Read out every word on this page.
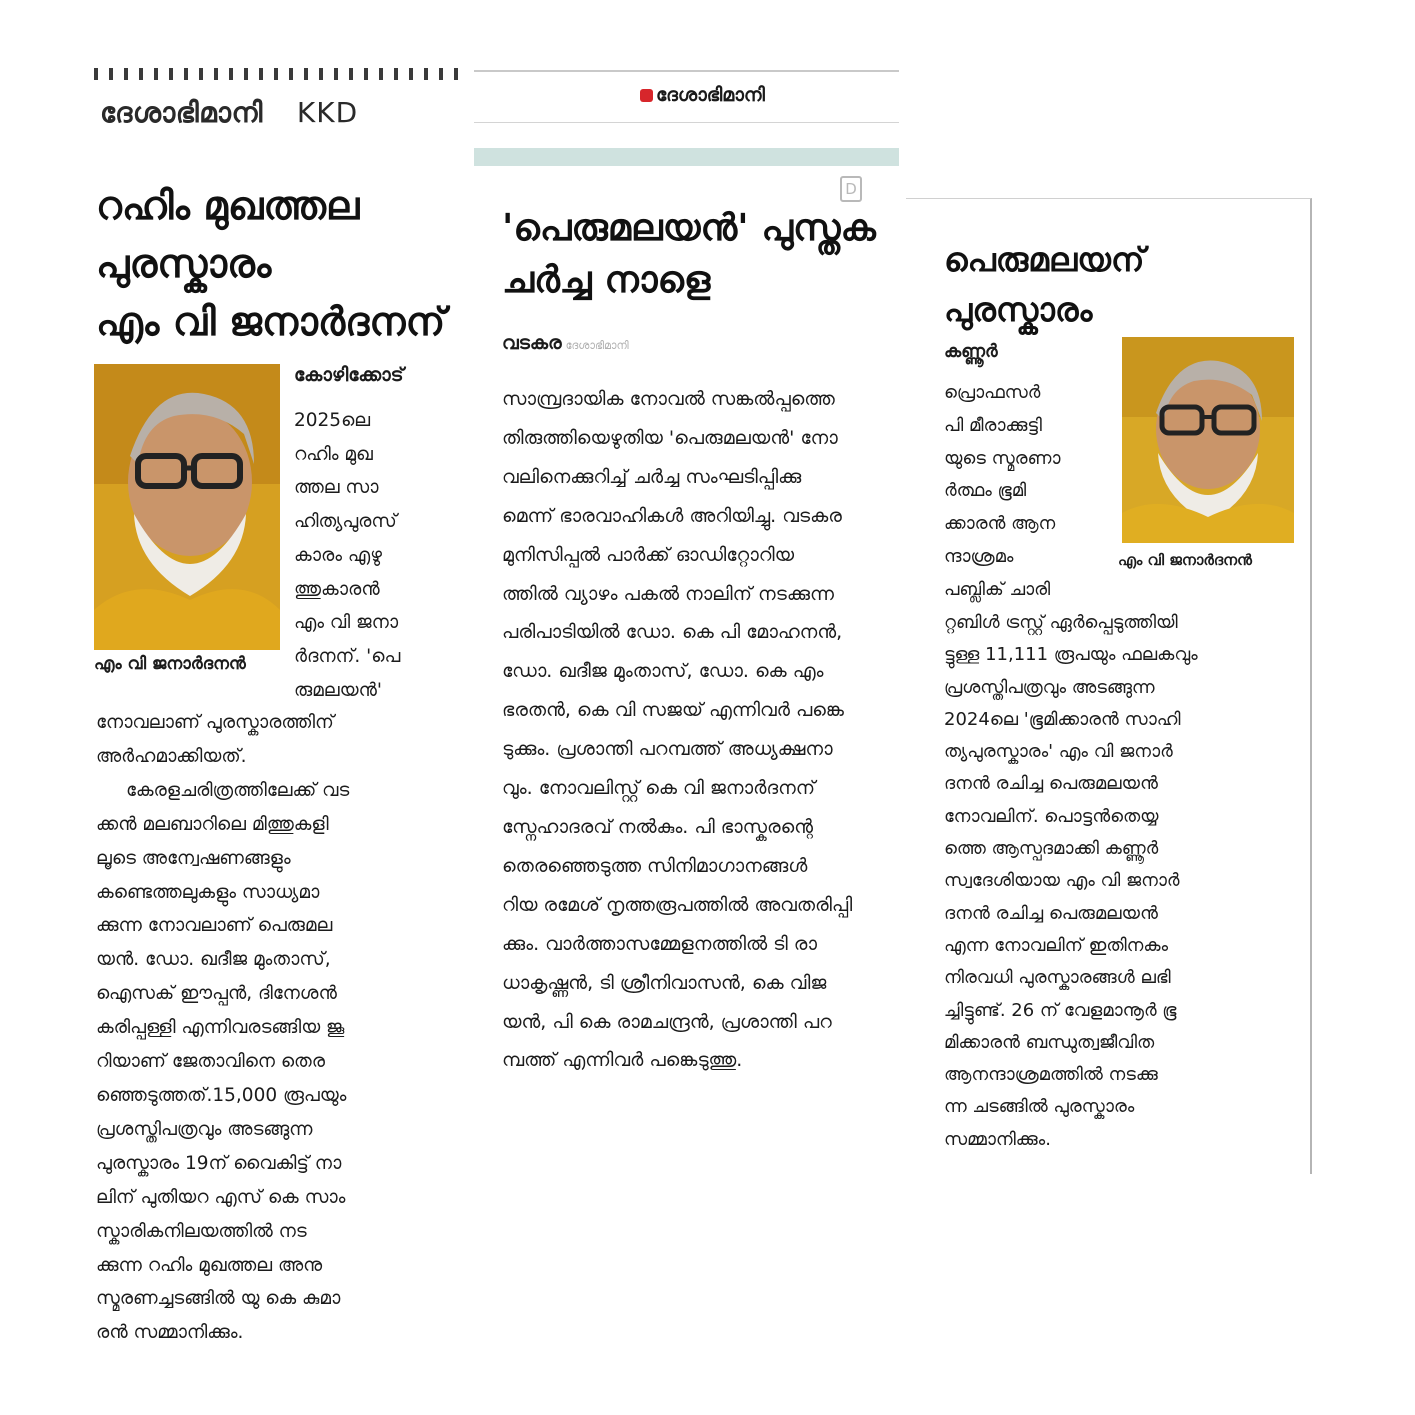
ദേശാഭിമാനി KKD
റഹിം മുഖത്തല
പുരസ്കാരം
എം വി ജനാർദനന്
എം വി ജനാർദനൻ
കോഴിക്കോട്
2025ലെ
റഹിം മുഖ
ത്തല സാ
ഹിത്യപുരസ്
കാരം എഴു
ത്തുകാരൻ
എം വി ജനാ
ർദനന്. 'പെ
രുമലയൻ'
നോവലാണ് പുരസ്കാരത്തിന്
അർഹമാക്കിയത്.
കേരളചരിത്രത്തിലേക്ക് വട
ക്കൻ മലബാറിലെ മിത്തുകളി
ലൂടെ അന്വേഷണങ്ങളും
കണ്ടെത്തലുകളും സാധ്യമാ
ക്കുന്ന നോവലാണ് പെരുമല
യൻ. ഡോ. ഖദീജ മുംതാസ്,
ഐസക് ഈപ്പൻ, ദിനേശൻ
കരിപ്പള്ളി എന്നിവരടങ്ങിയ ജൂ
റിയാണ് ജേതാവിനെ തെര
ഞ്ഞെടുത്തത്.15,000 രൂപയും
പ്രശസ്തിപത്രവും അടങ്ങുന്ന
പുരസ്കാരം 19ന് വൈകിട്ട് നാ
ലിന് പുതിയറ എസ് കെ സാം
സ്കാരികനിലയത്തിൽ നട
ക്കുന്ന റഹിം മുഖത്തല അനു
സ്മരണച്ചടങ്ങിൽ യു കെ കുമാ
രൻ സമ്മാനിക്കും.
ദേശാഭിമാനി
D
'പെരുമലയൻ' പുസ്തക
ചർച്ച നാളെ
വടകര ദേശാഭിമാനി
സാമ്പ്രദായിക നോവൽ സങ്കൽപ്പത്തെ
തിരുത്തിയെഴുതിയ 'പെരുമലയൻ' നോ
വലിനെക്കുറിച്ച് ചർച്ച സംഘടിപ്പിക്കു
മെന്ന് ഭാരവാഹികൾ അറിയിച്ചു. വടകര
മുനിസിപ്പൽ പാർക്ക് ഓഡിറ്റോറിയ
ത്തിൽ വ്യാഴം പകൽ നാലിന് നടക്കുന്ന
പരിപാടിയിൽ ഡോ. കെ പി മോഹനൻ,
ഡോ. ഖദീജ മുംതാസ്, ഡോ. കെ എം
ഭരതൻ, കെ വി സജയ് എന്നിവർ പങ്കെ
ടുക്കും. പ്രശാന്തി പറമ്പത്ത് അധ്യക്ഷനാ
വും. നോവലിസ്റ്റ് കെ വി ജനാർദനന്
സ്നേഹാദരവ് നൽകും. പി ഭാസ്കരന്റെ
തെരഞ്ഞെടുത്ത സിനിമാഗാനങ്ങൾ
റിയ രമേശ് നൃത്തരൂപത്തിൽ അവതരിപ്പി
ക്കും. വാർത്താസമ്മേളനത്തിൽ ടി രാ
ധാകൃഷ്ണൻ, ടി ശ്രീനിവാസൻ, കെ വിജ
യൻ, പി കെ രാമചന്ദ്രൻ, പ്രശാന്തി പറ
മ്പത്ത് എന്നിവർ പങ്കെടുത്തു.
പെരുമലയന്
പുരസ്കാരം
കണ്ണൂർ
എം വി ജനാർദനൻ
പ്രൊഫസർ
പി മീരാക്കുട്ടി
യുടെ സ്മരണാ
ർത്ഥം ഭൂമി
ക്കാരൻ ആന
ന്ദാശ്രമം
പബ്ലിക് ചാരി
റ്റബിൾ ട്രസ്റ്റ് ഏർപ്പെടുത്തിയി
ട്ടുള്ള 11,111 രൂപയും ഫലകവും
പ്രശസ്തിപത്രവും അടങ്ങുന്ന
2024ലെ 'ഭൂമിക്കാരൻ സാഹി
ത്യപുരസ്കാരം' എം വി ജനാർ
ദനൻ രചിച്ച പെരുമലയൻ
നോവലിന്. പൊട്ടൻതെയ്യ
ത്തെ ആസ്പദമാക്കി കണ്ണൂർ
സ്വദേശിയായ എം വി ജനാർ
ദനൻ രചിച്ച പെരുമലയൻ
എന്ന നോവലിന് ഇതിനകം
നിരവധി പുരസ്കാരങ്ങൾ ലഭി
ച്ചിട്ടുണ്ട്. 26 ന് വേളമാനൂർ ഭൂ
മിക്കാരൻ ബന്ധുത്വജീവിത
ആനന്ദാശ്രമത്തിൽ നടക്കു
ന്ന ചടങ്ങിൽ പുരസ്കാരം
സമ്മാനിക്കും.
